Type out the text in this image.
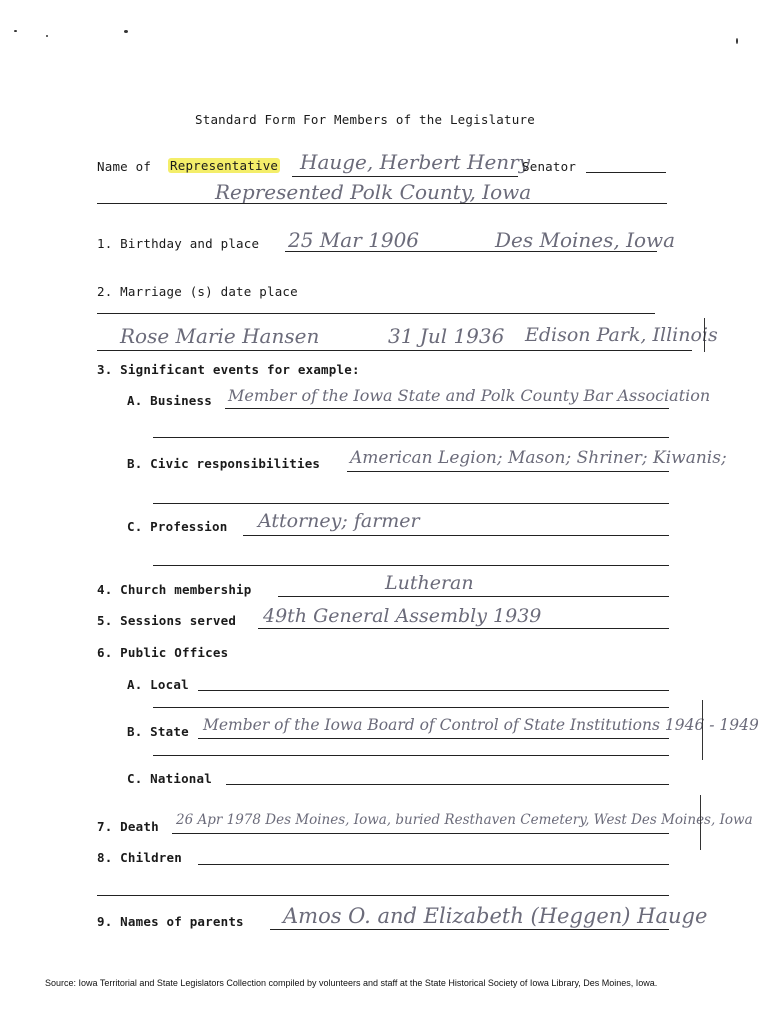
Standard Form For Members of the Legislature
Name of Representative Hauge, Herbert Henry
Senator
Represented Polk County, Iowa
1. Birthday and place 25 Mar 1906	Des Moines, Iowa
2. Marriage (s) date place
Rose Marie Hansen	31 Jul 1936 Edison Park, Illinois
3. Significant events for example:
A. Business Member of the Iowa State and Polk County Bar Association
B. Civic responsibilities American Legion; Mason; Shriner; Kiwanis;
C. Profession Attorney; farmer
4. Church membership	Lutheran
5. Sessions served 49th General Assembly 1939
6. Public Offices
A. Local
B. State Member of the Iowa Board of Control of State Institutions 1946 - 1949
C. National
7. Death 26 Apr 1978 Des Moines, Iowa, buried Resthaven Cemetery, West Des Moines, Iowa
8. Children
9. Names of parents Amos O. and Elizabeth (Heggen) Hauge
Source: Iowa Territorial and State Legislators Collection compiled by volunteers and staff at the State Historical Society of Iowa Library, Des Moines, Iowa.
